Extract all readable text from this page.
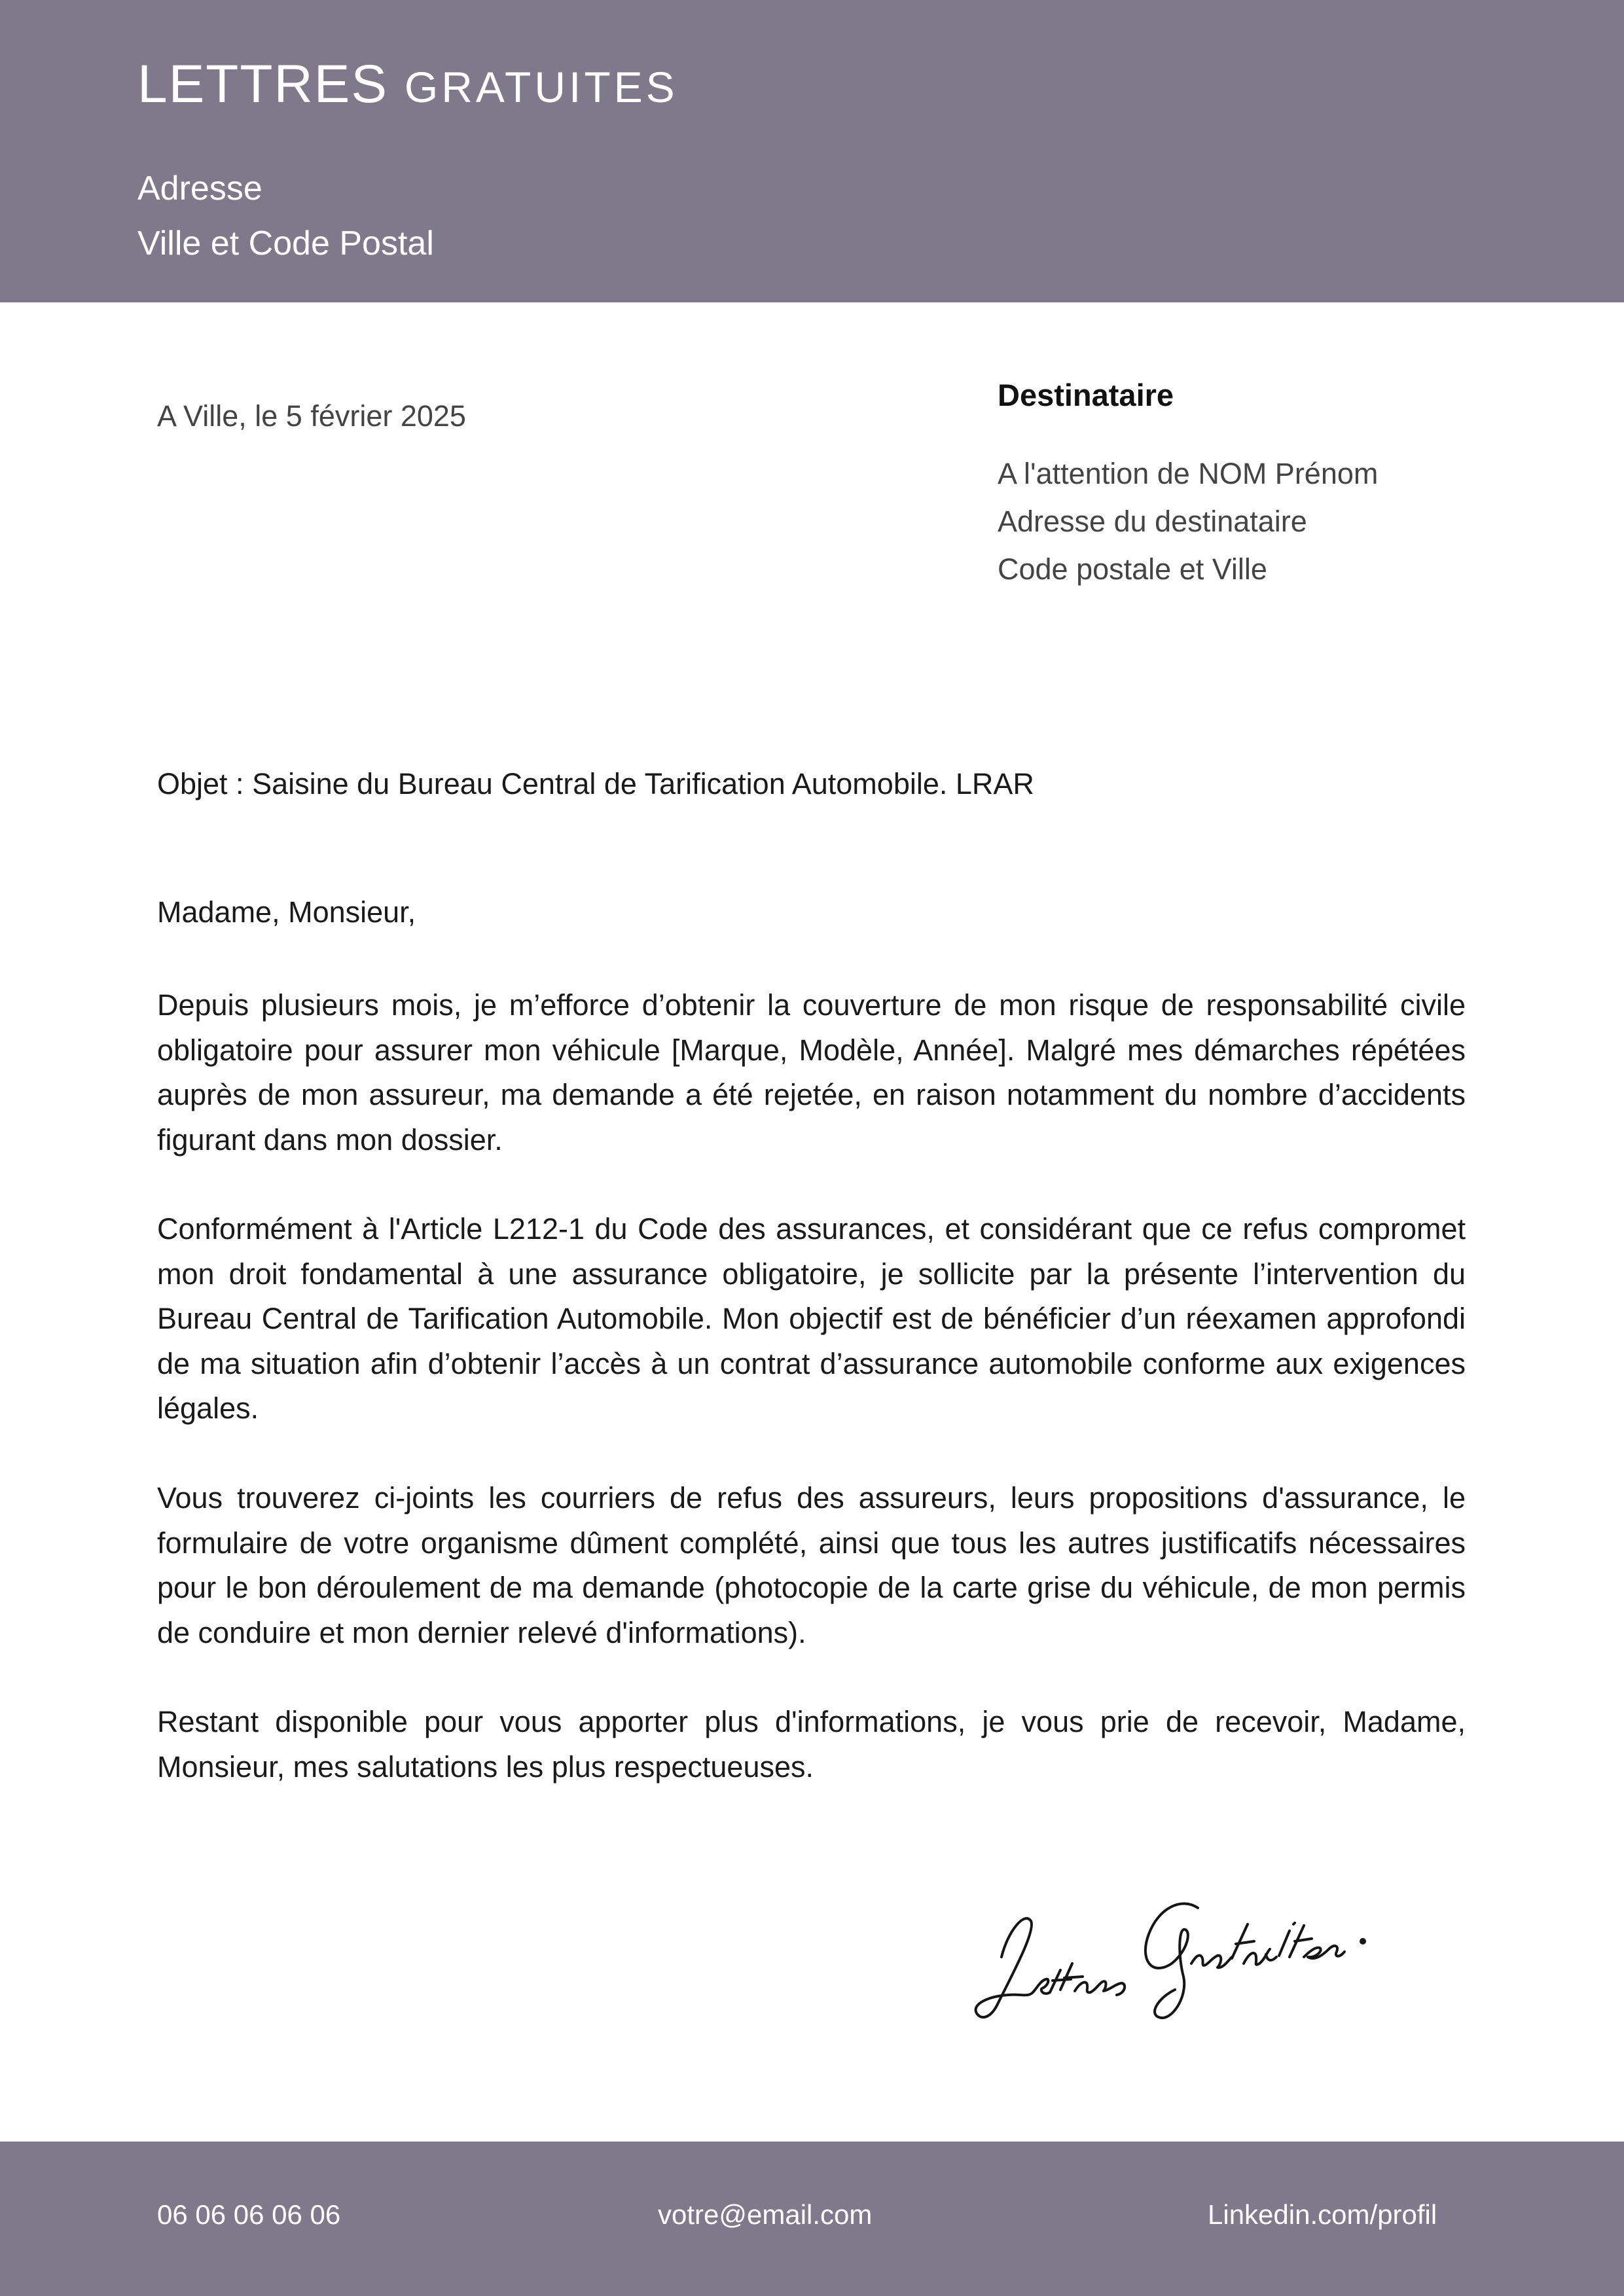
LETTRES GRATUITES
Adresse
Ville et Code Postal
A Ville, le 5 février 2025
Destinataire
A l'attention de NOM Prénom
Adresse du destinataire
Code postale et Ville
Objet : Saisine du Bureau Central de Tarification Automobile. LRAR
Madame, Monsieur,

Depuis plusieurs mois, je m’efforce d’obtenir la couverture de mon risque de responsabilité civile obligatoire pour assurer mon véhicule [Marque, Modèle, Année]. Malgré mes démarches répétées auprès de mon assureur, ma demande a été rejetée, en raison notamment du nombre d’accidents figurant dans mon dossier.

Conformément à l'Article L212-1 du Code des assurances, et considérant que ce refus compromet mon droit fondamental à une assurance obligatoire, je sollicite par la présente l’intervention du Bureau Central de Tarification Automobile. Mon objectif est de bénéficier d’un réexamen approfondi de ma situation afin d’obtenir l’accès à un contrat d’assurance automobile conforme aux exigences légales.

Vous trouverez ci-joints les courriers de refus des assureurs, leurs propositions d'assurance, le formulaire de votre organisme dûment complété, ainsi que tous les autres justificatifs nécessaires pour le bon déroulement de ma demande (photocopie de la carte grise du véhicule, de mon permis de conduire et mon dernier relevé d'informations).

Restant disponible pour vous apporter plus d'informations, je vous prie de recevoir, Madame, Monsieur, mes salutations les plus respectueuses.

06 06 06 06 06	votre@email.com	Linkedin.com/profil
